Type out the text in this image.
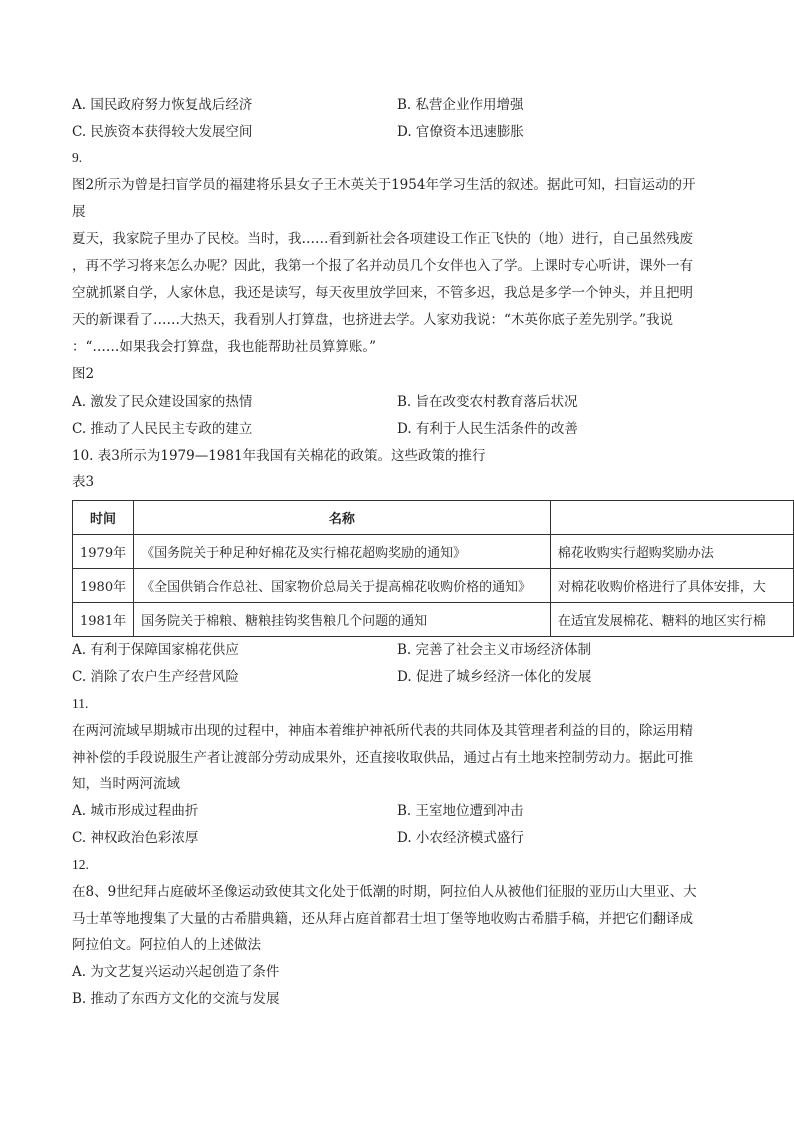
A. 国民政府努力恢复战后经济	B. 私营企业作用增强
C. 民族资本获得较大发展空间	D. 官僚资本迅速膨胀
9.
图2所示为曾是扫盲学员的福建将乐县女子王木英关于1954年学习生活的叙述。据此可知，扫盲运动的开
展
夏天，我家院子里办了民校。当时，我……看到新社会各项建设工作正飞快的（地）进行，自己虽然残废
，再不学习将来怎么办呢？因此，我第一个报了名并动员几个女伴也入了学。上课时专心听讲，课外一有
空就抓紧自学，人家休息，我还是读写，每天夜里放学回来，不管多迟，我总是多学一个钟头，并且把明
天的新课看了……大热天，我看别人打算盘，也挤进去学。人家劝我说：“木英你底子差先别学。”我说
：“……如果我会打算盘，我也能帮助社员算算账。”
图2
A. 激发了民众建设国家的热情	B. 旨在改变农村教育落后状况
C. 推动了人民民主专政的建立	D. 有利于人民生活条件的改善
10. 表3所示为1979—1981年我国有关棉花的政策。这些政策的推行
表3
时间	名称	
1979年	《国务院关于种足种好棉花及实行棉花超购奖励的通知》	棉花收购实行超购奖励办法
1980年	《全国供销合作总社、国家物价总局关于提高棉花收购价格的通知》	对棉花收购价格进行了具体安排，大
1981年	国务院关于棉粮、糖粮挂钩奖售粮几个问题的通知	在适宜发展棉花、糖料的地区实行棉
A. 有利于保障国家棉花供应	B. 完善了社会主义市场经济体制
C. 消除了农户生产经营风险	D. 促进了城乡经济一体化的发展
11.
在两河流域早期城市出现的过程中，神庙本着维护神祇所代表的共同体及其管理者利益的目的，除运用精
神补偿的手段说服生产者让渡部分劳动成果外，还直接收取供品，通过占有土地来控制劳动力。据此可推
知，当时两河流域
A. 城市形成过程曲折	B. 王室地位遭到冲击
C. 神权政治色彩浓厚	D. 小农经济模式盛行
12.
在8、9世纪拜占庭破坏圣像运动致使其文化处于低潮的时期，阿拉伯人从被他们征服的亚历山大里亚、大
马士革等地搜集了大量的古希腊典籍，还从拜占庭首都君士坦丁堡等地收购古希腊手稿，并把它们翻译成
阿拉伯文。阿拉伯人的上述做法
A. 为文艺复兴运动兴起创造了条件
B. 推动了东西方文化的交流与发展
